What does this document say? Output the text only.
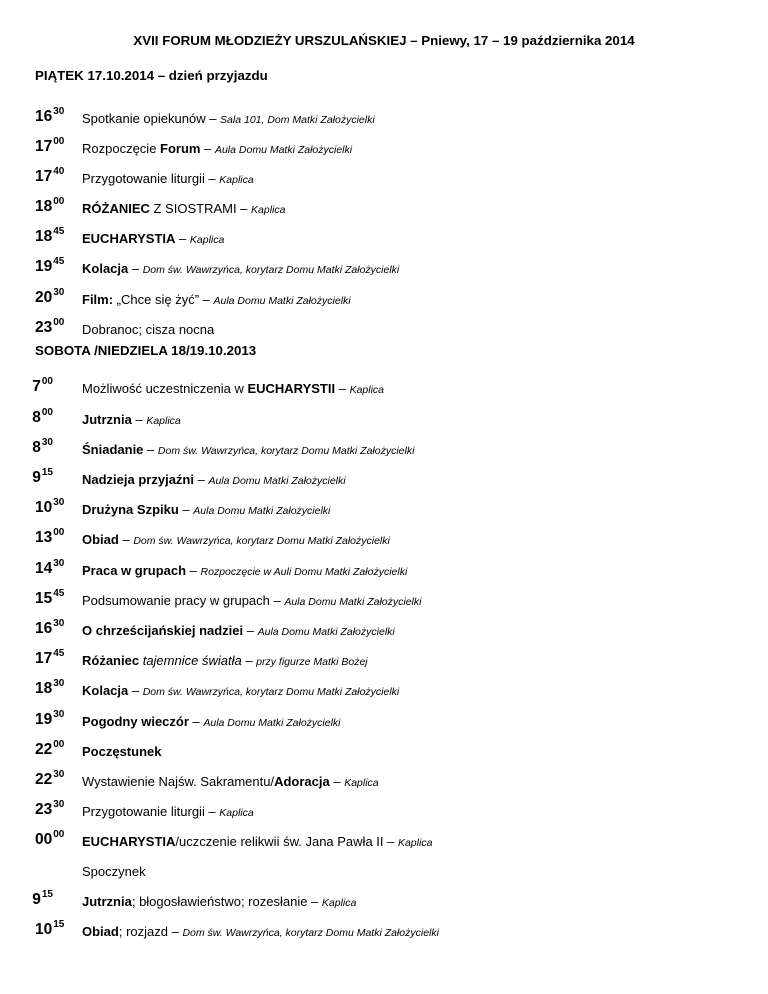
XVII FORUM MŁODZIEŻY URSZULAŃSKIEJ – Pniewy, 17 – 19 października 2014
PIĄTEK 17.10.2014 – dzień przyjazdu
$16^{30}$ Spotkanie opiekunów – Sala 101, Dom Matki Założycielki
$17^{00}$ Rozpoczęcie Forum – Aula Domu Matki Założycielki
$17^{40}$ Przygotowanie liturgii – Kaplica
$18^{00}$ RÓŻANIEC Z SIOSTRAMI – Kaplica
$18^{45}$ EUCHARYSTIA – Kaplica
$19^{45}$ Kolacja – Dom św. Wawrzyńca, korytarz Domu Matki Założycielki
$20^{30}$ Film: „Chce się żyć” – Aula Domu Matki Założycielki
$23^{00}$ Dobranoc; cisza nocna
SOBOTA /NIEDZIELA 18/19.10.2013
$7^{00}$ Możliwość uczestniczenia w EUCHARYSTII – Kaplica
$8^{00}$ Jutrznia – Kaplica
$8^{30}$ Śniadanie – Dom św. Wawrzyńca, korytarz Domu Matki Założycielki
$9^{15}$ Nadzieja przyjaźni – Aula Domu Matki Założycielki
$10^{30}$ Drużyna Szpiku – Aula Domu Matki Założycielki
$13^{00}$ Obiad – Dom św. Wawrzyńca, korytarz Domu Matki Założycielki
$14^{30}$ Praca w grupach – Rozpoczęcie w Auli Domu Matki Założycielki
$15^{45}$ Podsumowanie pracy w grupach – Aula Domu Matki Założycielki
$16^{30}$ O chrześcijańskiej nadziei – Aula Domu Matki Założycielki
$17^{45}$ Różaniec tajemnice światła – przy figurze Matki Bożej
$18^{30}$ Kolacja – Dom św. Wawrzyńca, korytarz Domu Matki Założycielki
$19^{30}$ Pogodny wieczór – Aula Domu Matki Założycielki
$22^{00}$ Poczęstunek
$22^{30}$ Wystawienie Najśw. Sakramentu/Adoracja – Kaplica
$23^{30}$ Przygotowanie liturgii – Kaplica
$00^{00}$ EUCHARYSTIA/uczczenie relikwii św. Jana Pawła II – Kaplica
Spoczynek
$9^{15}$ Jutrznia; błogosławieństwo; rozesłanie – Kaplica
$10^{15}$ Obiad; rozjazd – Dom św. Wawrzyńca, korytarz Domu Matki Założycielki
